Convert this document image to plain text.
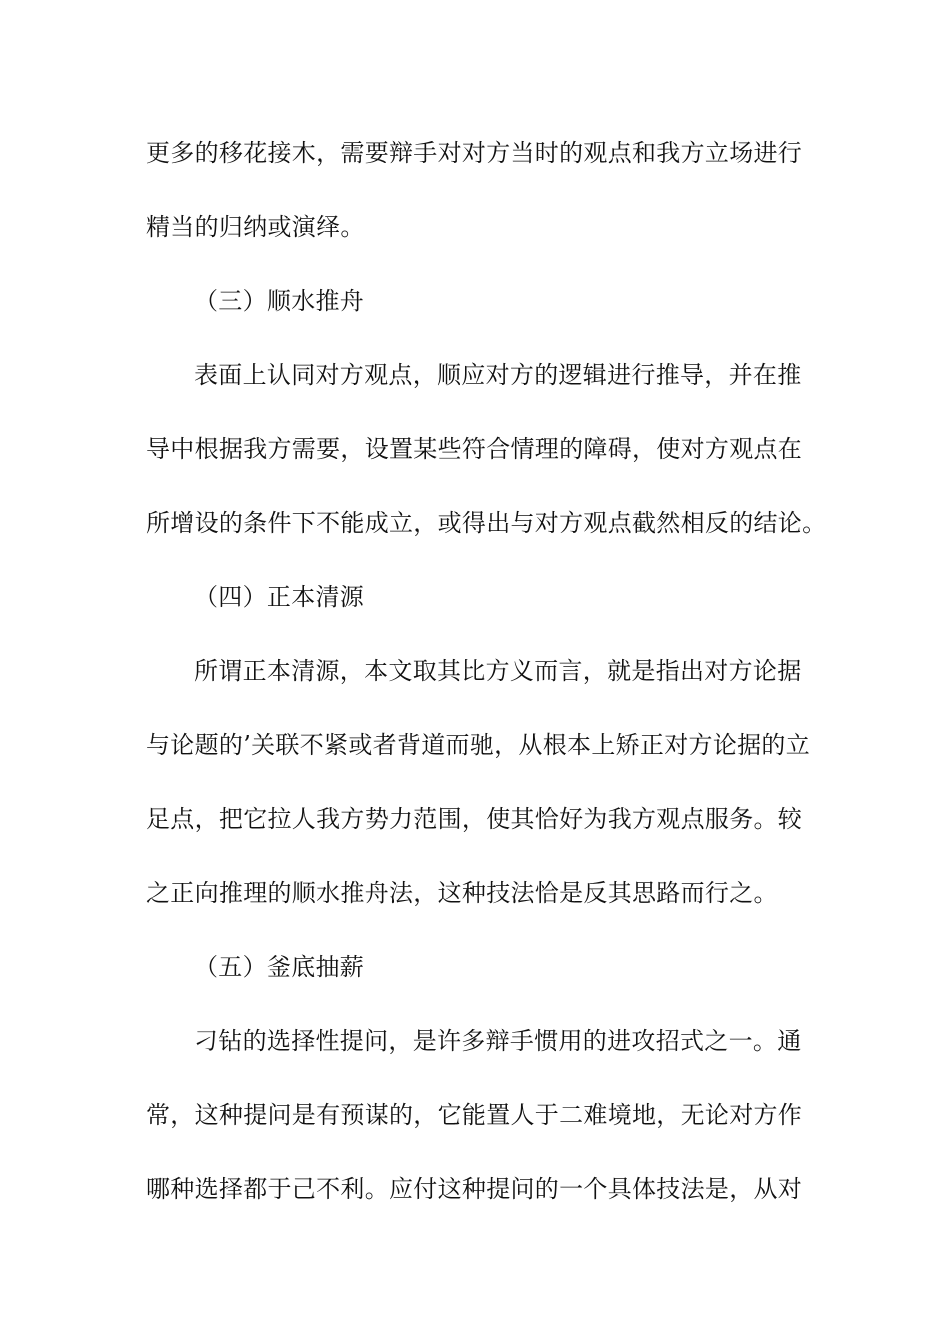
更多的移花接木，需要辩手对对方当时的观点和我方立场进行
精当的归纳或演绎。
（三）顺水推舟
表面上认同对方观点，顺应对方的逻辑进行推导，并在推
导中根据我方需要，设置某些符合情理的障碍，使对方观点在
所增设的条件下不能成立，或得出与对方观点截然相反的结论。
（四）正本清源
所谓正本清源，本文取其比方义而言，就是指出对方论据
与论题的’关联不紧或者背道而驰，从根本上矫正对方论据的立
足点，把它拉人我方势力范围，使其恰好为我方观点服务。较
之正向推理的顺水推舟法，这种技法恰是反其思路而行之。
（五）釜底抽薪
刁钻的选择性提问，是许多辩手惯用的进攻招式之一。通
常，这种提问是有预谋的，它能置人于二难境地，无论对方作
哪种选择都于己不利。应付这种提问的一个具体技法是，从对
